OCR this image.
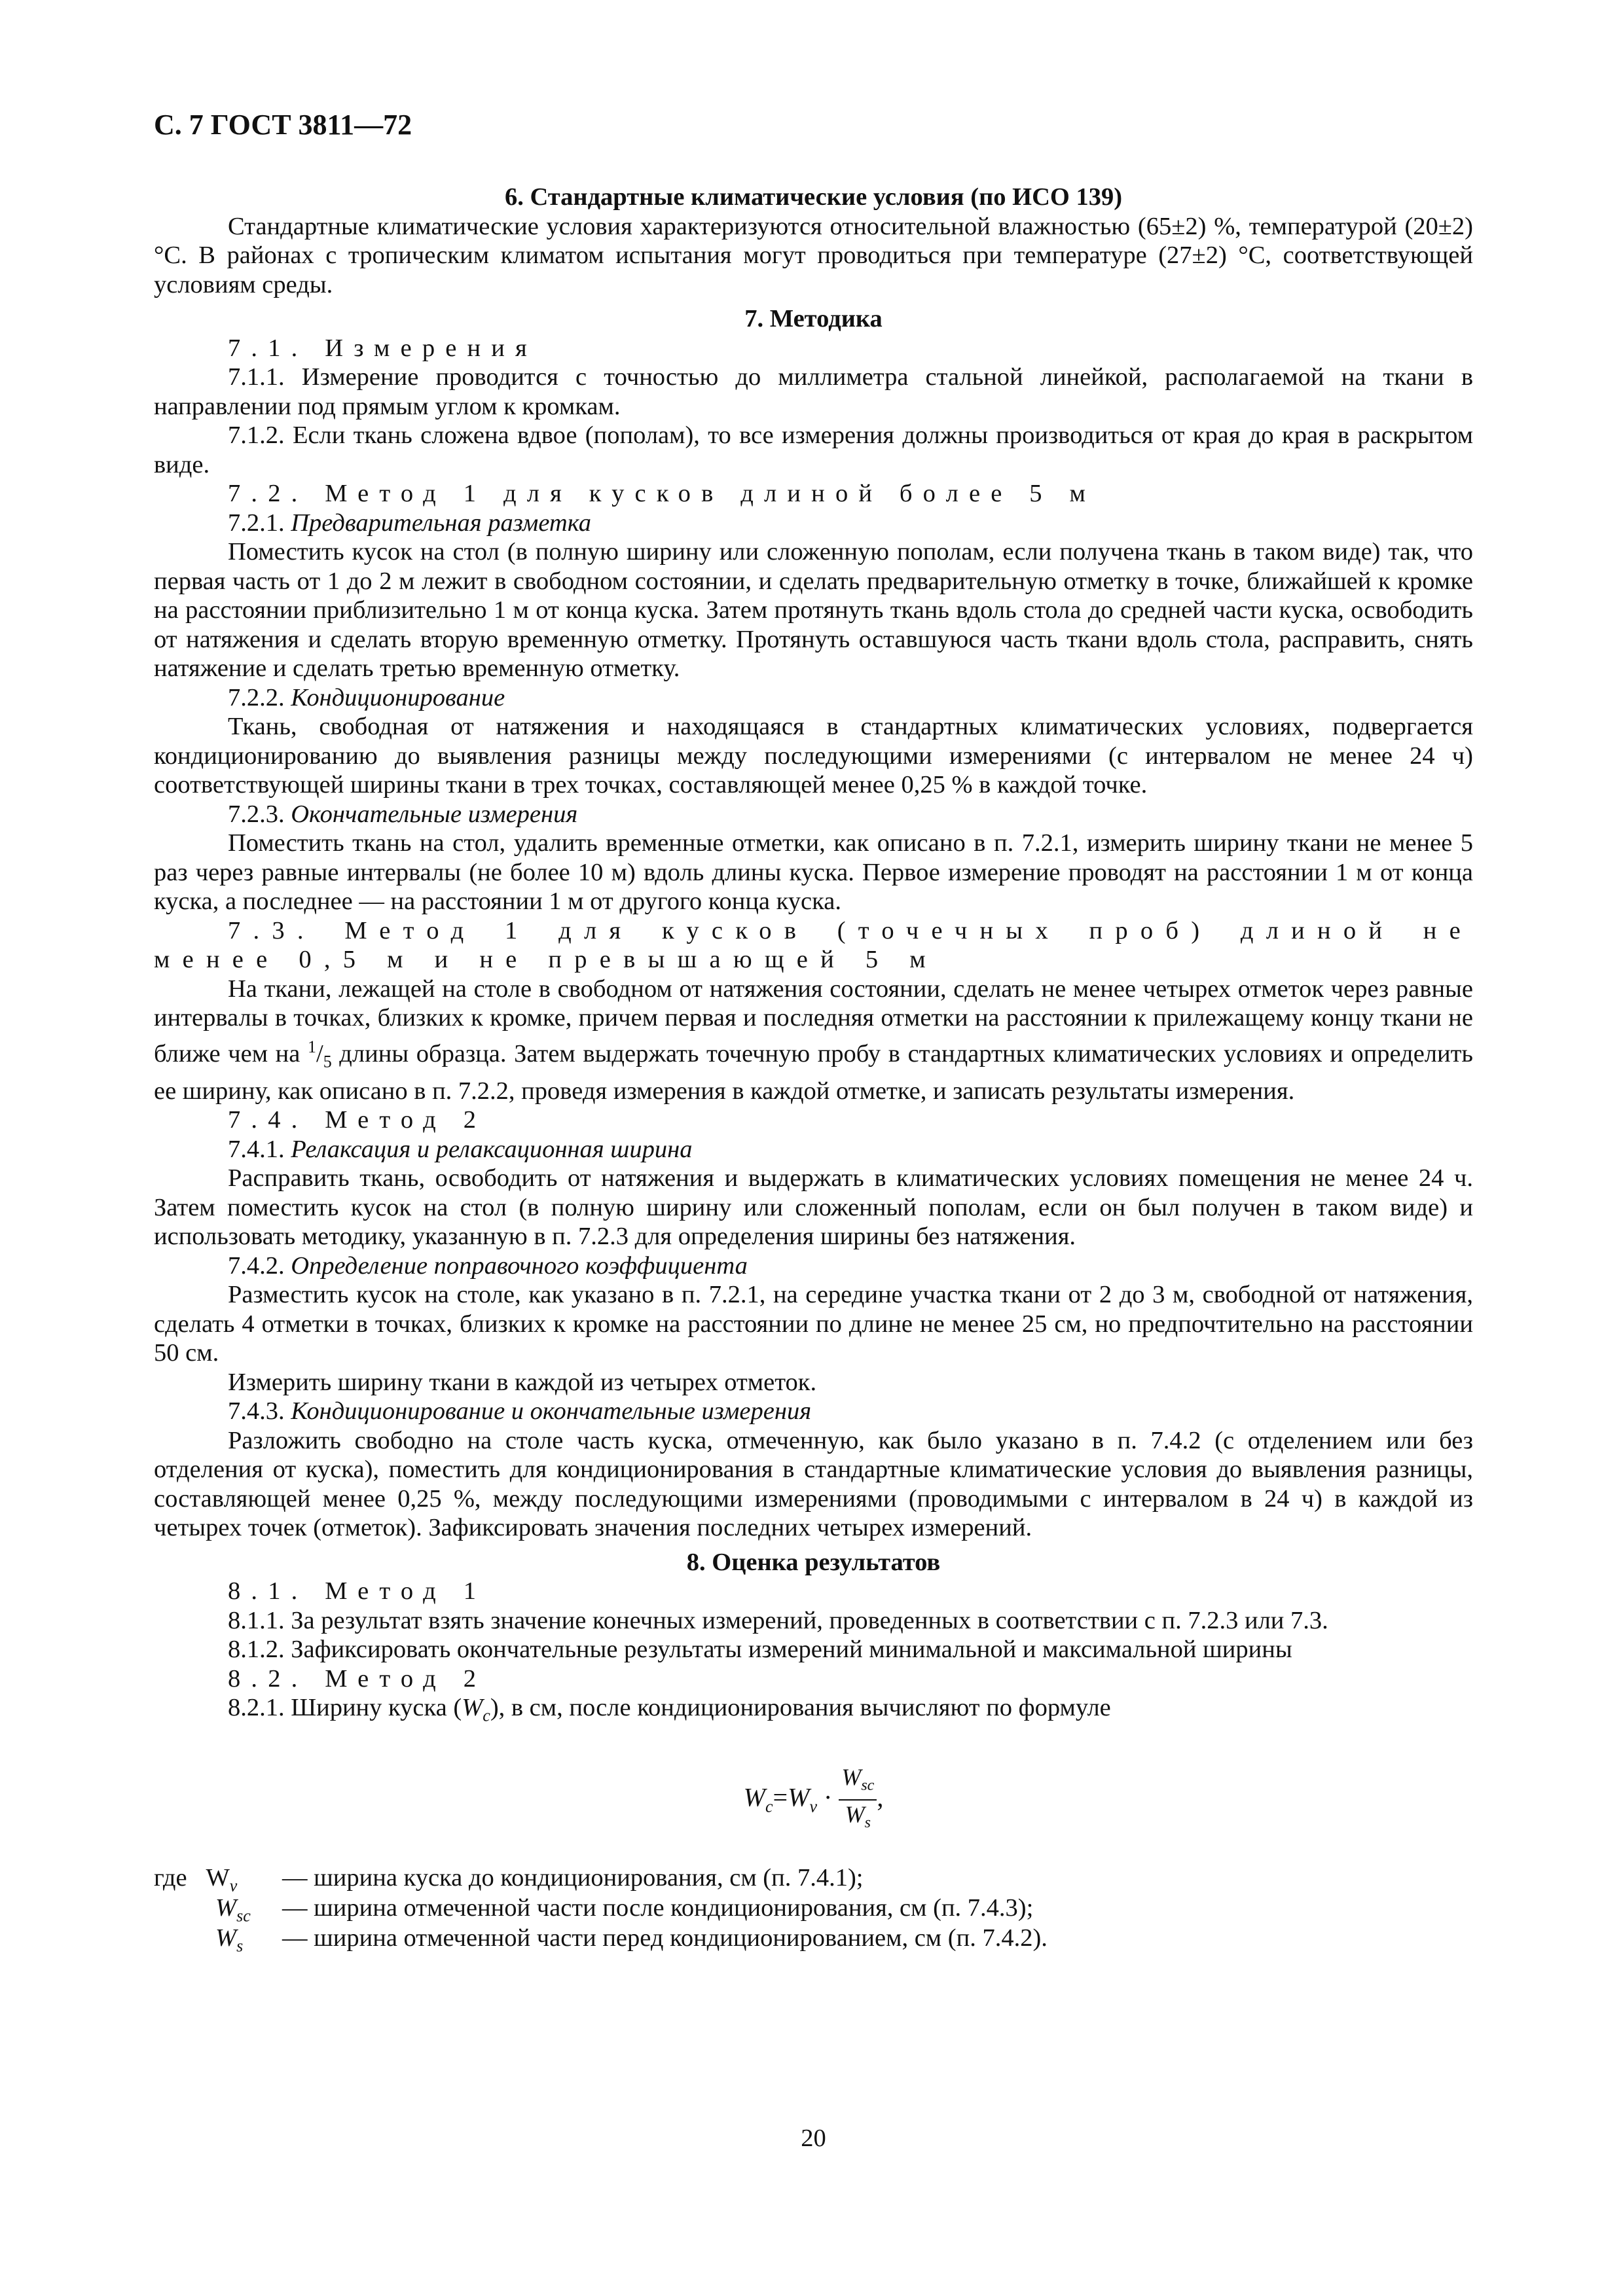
С. 7 ГОСТ 3811—72

6. Стандартные климатические условия (по ИСО 139)

Стандартные климатические условия характеризуются относительной влажностью (65±2) %, температурой (20±2) °С. В районах с тропическим климатом испытания могут проводиться при температуре (27±2) °С, соответствующей условиям среды.

7. Методика

7.1. Измерения

7.1.1. Измерение проводится с точностью до миллиметра стальной линейкой, располагаемой на ткани в направлении под прямым углом к кромкам.

7.1.2. Если ткань сложена вдвое (пополам), то все измерения должны производиться от края до края в раскрытом виде.

7.2. Метод 1 для кусков длиной более 5 м

7.2.1. Предварительная разметка

Поместить кусок на стол (в полную ширину или сложенную пополам, если получена ткань в таком виде) так, что первая часть от 1 до 2 м лежит в свободном состоянии, и сделать предварительную отметку в точке, ближайшей к кромке на расстоянии приблизительно 1 м от конца куска. Затем протянуть ткань вдоль стола до средней части куска, освободить от натяжения и сделать вторую временную отметку. Протянуть оставшуюся часть ткани вдоль стола, расправить, снять натяжение и сделать третью временную отметку.

7.2.2. Кондиционирование

Ткань, свободная от натяжения и находящаяся в стандартных климатических условиях, подвергается кондиционированию до выявления разницы между последующими измерениями (с интервалом не менее 24 ч) соответствующей ширины ткани в трех точках, составляющей менее 0,25 % в каждой точке.

7.2.3. Окончательные измерения

Поместить ткань на стол, удалить временные отметки, как описано в п. 7.2.1, измерить ширину ткани не менее 5 раз через равные интервалы (не более 10 м) вдоль длины куска. Первое измерение проводят на расстоянии 1 м от конца куска, а последнее — на расстоянии 1 м от другого конца куска.

7.3. Метод 1 для кусков (точечных проб) длиной не менее 0,5 м и не превышающей 5 м

На ткани, лежащей на столе в свободном от натяжения состоянии, сделать не менее четырех отметок через равные интервалы в точках, близких к кромке, причем первая и последняя отметки на расстоянии к прилежащему концу ткани не ближе чем на $^1/_5$ длины образца. Затем выдержать точечную пробу в стандартных климатических условиях и определить ее ширину, как описано в п. 7.2.2, проведя измерения в каждой отметке, и записать результаты измерения.

7.4. Метод 2

7.4.1. Релаксация и релаксационная ширина

Расправить ткань, освободить от натяжения и выдержать в климатических условиях помещения не менее 24 ч. Затем поместить кусок на стол (в полную ширину или сложенный пополам, если он был получен в таком виде) и использовать методику, указанную в п. 7.2.3 для определения ширины без натяжения.

7.4.2. Определение поправочного коэффициента

Разместить кусок на столе, как указано в п. 7.2.1, на середине участка ткани от 2 до 3 м, свободной от натяжения, сделать 4 отметки в точках, близких к кромке на расстоянии по длине не менее 25 см, но предпочтительно на расстоянии 50 см.

Измерить ширину ткани в каждой из четырех отметок.

7.4.3. Кондиционирование и окончательные измерения

Разложить свободно на столе часть куска, отмеченную, как было указано в п. 7.4.2 (с отделением или без отделения от куска), поместить для кондиционирования в стандартные климатические условия до выявления разницы, составляющей менее 0,25 %, между последующими измерениями (проводимыми с интервалом в 24 ч) в каждой из четырех точек (отметок). Зафиксировать значения последних четырех измерений.

8. Оценка результатов

8.1. Метод 1

8.1.1. За результат взять значение конечных измерений, проведенных в соответствии с п. 7.2.3 или 7.3.

8.1.2. Зафиксировать окончательные результаты измерений минимальной и максимальной ширины

8.2. Метод 2

8.2.1. Ширину куска $(W_c)$, в см, после кондиционирования вычисляют по формуле

$W_c=W_v \cdot \frac{W_{sc}}{W_s}$ ,
где $W_v$ — ширина куска до кондиционирования, см (п. 7.4.1);
$W_{sc}$ — ширина отмеченной части после кондиционирования, см (п. 7.4.3);
$W_s$ — ширина отмеченной части перед кондиционированием, см (п. 7.4.2).
20
